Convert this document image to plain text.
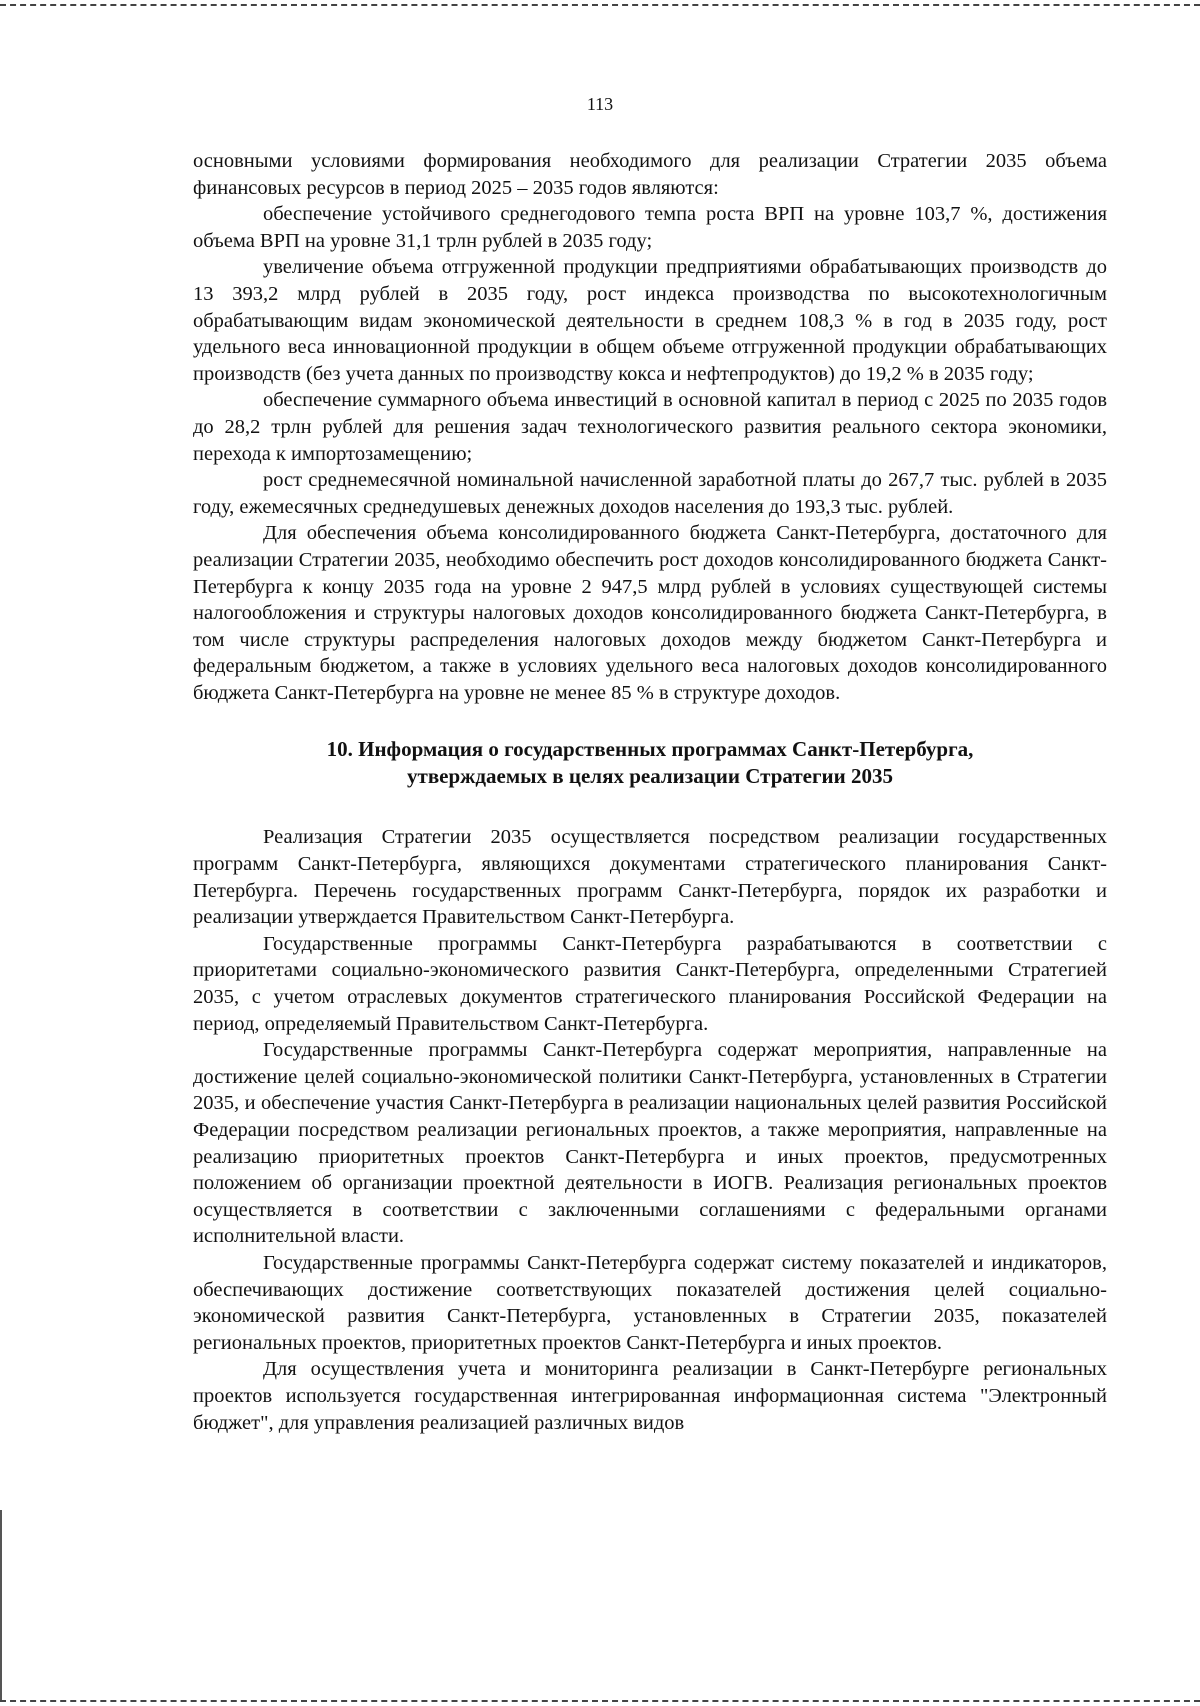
113

основными условиями формирования необходимого для реализации Стратегии 2035 объема финансовых ресурсов в период 2025 – 2035 годов являются:

обеспечение устойчивого среднегодового темпа роста ВРП на уровне 103,7 %, достижения объема ВРП на уровне 31,1 трлн рублей в 2035 году;

увеличение объема отгруженной продукции предприятиями обрабатывающих производств до 13 393,2 млрд рублей в 2035 году, рост индекса производства по высокотехнологичным обрабатывающим видам экономической деятельности в среднем 108,3 % в год в 2035 году, рост удельного веса инновационной продукции в общем объеме отгруженной продукции обрабатывающих производств (без учета данных по производству кокса и нефтепродуктов) до 19,2 % в 2035 году;

обеспечение суммарного объема инвестиций в основной капитал в период с 2025 по 2035 годов до 28,2 трлн рублей для решения задач технологического развития реального сектора экономики, перехода к импортозамещению;

рост среднемесячной номинальной начисленной заработной платы до 267,7 тыс. рублей в 2035 году, ежемесячных среднедушевых денежных доходов населения до 193,3 тыс. рублей.

Для обеспечения объема консолидированного бюджета Санкт-Петербурга, достаточного для реализации Стратегии 2035, необходимо обеспечить рост доходов консолидированного бюджета Санкт-Петербурга к концу 2035 года на уровне 2 947,5 млрд рублей в условиях существующей системы налогообложения и структуры налоговых доходов консолидированного бюджета Санкт-Петербурга, в том числе структуры распределения налоговых доходов между бюджетом Санкт-Петербурга и федеральным бюджетом, а также в условиях удельного веса налоговых доходов консолидированного бюджета Санкт-Петербурга на уровне не менее 85 % в структуре доходов.

10. Информация о государственных программах Санкт-Петербурга,
утверждаемых в целях реализации Стратегии 2035

Реализация Стратегии 2035 осуществляется посредством реализации государственных программ Санкт-Петербурга, являющихся документами стратегического планирования Санкт-Петербурга. Перечень государственных программ Санкт-Петербурга, порядок их разработки и реализации утверждается Правительством Санкт-Петербурга.

Государственные программы Санкт-Петербурга разрабатываются в соответствии с приоритетами социально-экономического развития Санкт-Петербурга, определенными Стратегией 2035, с учетом отраслевых документов стратегического планирования Российской Федерации на период, определяемый Правительством Санкт-Петербурга.

Государственные программы Санкт-Петербурга содержат мероприятия, направленные на достижение целей социально-экономической политики Санкт-Петербурга, установленных в Стратегии 2035, и обеспечение участия Санкт-Петербурга в реализации национальных целей развития Российской Федерации посредством реализации региональных проектов, а также мероприятия, направленные на реализацию приоритетных проектов Санкт-Петербурга и иных проектов, предусмотренных положением об организации проектной деятельности в ИОГВ. Реализация региональных проектов осуществляется в соответствии с заключенными соглашениями с федеральными органами исполнительной власти.

Государственные программы Санкт-Петербурга содержат систему показателей и индикаторов, обеспечивающих достижение соответствующих показателей достижения целей социально-экономической развития Санкт-Петербурга, установленных в Стратегии 2035, показателей региональных проектов, приоритетных проектов Санкт-Петербурга и иных проектов.

Для осуществления учета и мониторинга реализации в Санкт-Петербурге региональных проектов используется государственная интегрированная информационная система "Электронный бюджет", для управления реализацией различных видов
